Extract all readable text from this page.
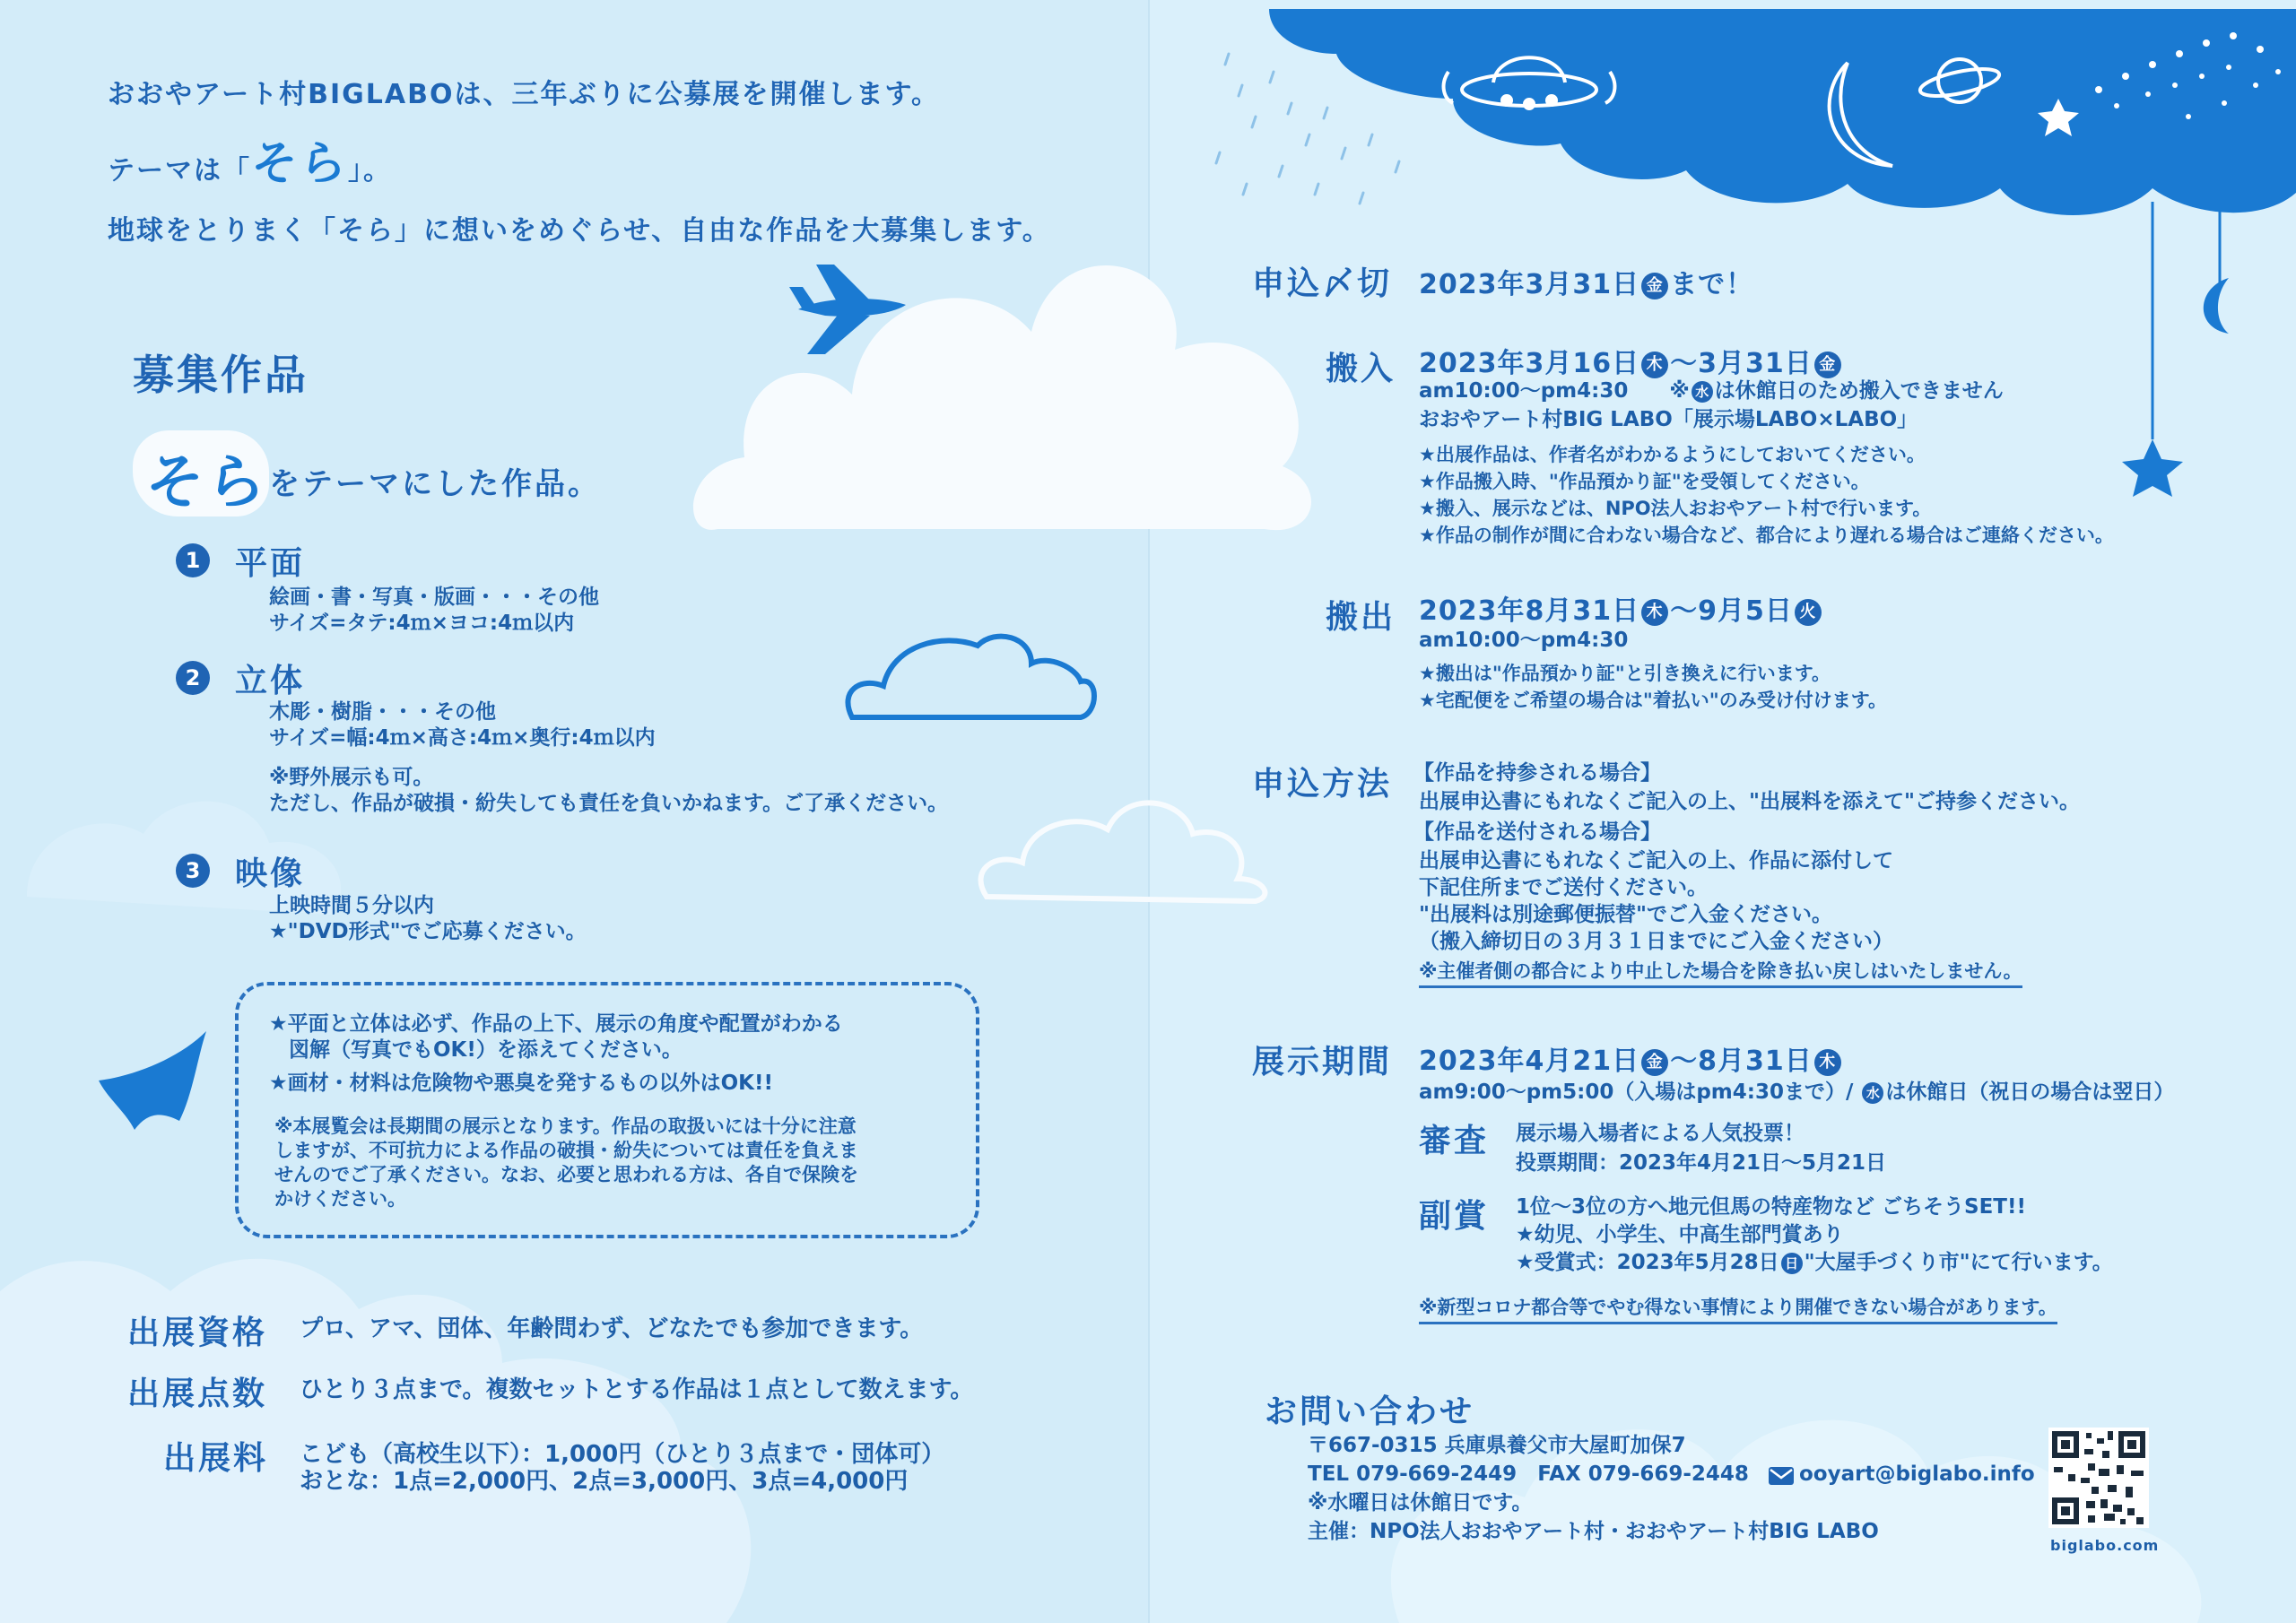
おおやアート村BIGLABOは、三年ぶりに公募展を開催します。
テーマは「そら」。
地球をとりまく「そら」に想いをめぐらせ、自由な作品を大募集します。
募集作品
そら をテーマにした作品。
1 平面
絵画・書・写真・版画・・・その他
サイズ=タテ:4ｍ×ヨコ:4ｍ以内
2 立体
木彫・樹脂・・・その他
サイズ=幅:4ｍ×高さ:4ｍ×奥行:4ｍ以内
※野外展示も可。
ただし、作品が破損・紛失しても責任を負いかねます。ご了承ください。
3 映像
上映時間５分以内
★"DVD形式"でご応募ください。
★平面と立体は必ず、作品の上下、展示の角度や配置がわかる
図解（写真でもOK!）を添えてください。
★画材・材料は危険物や悪臭を発するもの以外はOK!!
※本展覧会は長期間の展示となります。作品の取扱いには十分に注意
しますが、不可抗力による作品の破損・紛失については責任を負えま
せんのでご了承ください。なお、必要と思われる方は、各自で保険を
かけください。
出展資格 プロ、アマ、団体、年齢問わず、どなたでも参加できます。
出展点数 ひとり３点まで。複数セットとする作品は１点として数えます。
出展料 こども（高校生以下）：1,000円（ひとり３点まで・団体可）
おとな：1点=2,000円、2点=3,000円、3点=4,000円
申込〆切 2023年3月31日 金 まで！
搬入 2023年3月16日 木 〜3月31日 金
am10:00〜pm4:30　　 ※ 水 は休館日のため搬入できません
おおやアート村BIG LABO「展示場LABO×LABO」
★出展作品は、作者名がわかるようにしておいてください。
★作品搬入時、"作品預かり証"を受領してください。
★搬入、展示などは、NPO法人おおやアート村で行います。
★作品の制作が間に合わない場合など、都合により遅れる場合はご連絡ください。
搬出 2023年8月31日 木 〜9月5日 火
am10:00〜pm4:30
★搬出は"作品預かり証"と引き換えに行います。
★宅配便をご希望の場合は"着払い"のみ受け付けます。
申込方法 【作品を持参される場合】
出展申込書にもれなくご記入の上、"出展料を添えて"ご持参ください。
【作品を送付される場合】
出展申込書にもれなくご記入の上、作品に添付して
下記住所までご送付ください。
"出展料は別途郵便振替"でご入金ください。
（搬入締切日の３月３１日までにご入金ください）
※主催者側の都合により中止した場合を除き払い戻しはいたしません。
展示期間 2023年4月21日 金 〜8月31日 木
am9:00〜pm5:00（入場はpm4:30まで）/ 水 は休館日（祝日の場合は翌日）
審査 展示場入場者による人気投票！
投票期間：2023年4月21日〜5月21日
副賞 1位〜3位の方へ地元但馬の特産物など ごちそうSET!!
★幼児、小学生、中高生部門賞あり
★受賞式：2023年5月28日 日 "大屋手づくり市"にて行います。
※新型コロナ都合等でやむ得ない事情により開催できない場合があります。
お問い合わせ
〒667-0315 兵庫県養父市大屋町加保7
TEL 079-669-2449　FAX 079-669-2448 ooyart@biglabo.info
※水曜日は休館日です。
主催：NPO法人おおやアート村・おおやアート村BIG LABO
biglabo.com
